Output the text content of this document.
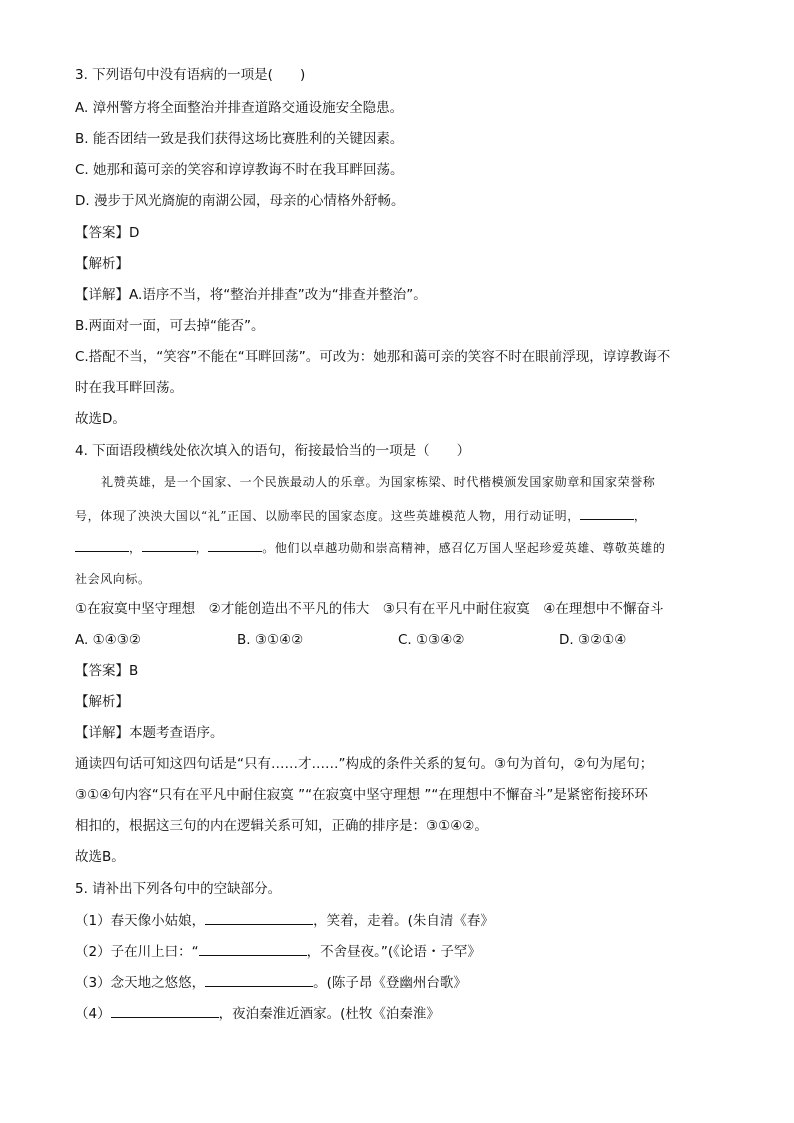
3. 下列语句中没有语病的一项是(　　)
A. 漳州警方将全面整治并排查道路交通设施安全隐患。
B. 能否团结一致是我们获得这场比赛胜利的关键因素。
C. 她那和蔼可亲的笑容和谆谆教诲不时在我耳畔回荡。
D. 漫步于风光旖旎的南湖公园，母亲的心情格外舒畅。
【答案】D
【解析】
【详解】A.语序不当，将“整治并排查”改为“排查并整治”。
B.两面对一面，可去掉“能否”。
C.搭配不当，“笑容”不能在“耳畔回荡”。可改为：她那和蔼可亲的笑容不时在眼前浮现，谆谆教诲不
时在我耳畔回荡。
故选D。
4. 下面语段横线处依次填入的语句，衔接最恰当的一项是（　　）
礼赞英雄，是一个国家、一个民族最动人的乐章。为国家栋梁、时代楷模颁发国家勋章和国家荣誉称
号，体现了泱泱大国以“礼”正国、以励率民的国家态度。这些英雄模范人物，用行动证明，	，
，	，	。他们以卓越功勋和崇高精神，感召亿万国人坚起珍爱英雄、尊敬英雄的
社会风向标。
①在寂寞中坚守理想　②才能创造出不平凡的伟大　③只有在平凡中耐住寂寞　④在理想中不懈奋斗
A. ①④③②	B. ③①④②	C. ①③④②	D. ③②①④
【答案】B
【解析】
【详解】本题考查语序。
通读四句话可知这四句话是“只有……才……”构成的条件关系的复句。③句为首句，②句为尾句；
③①④句内容“只有在平凡中耐住寂寞 ”“在寂寞中坚守理想 ”“在理想中不懈奋斗”是紧密衔接环环
相扣的，根据这三句的内在逻辑关系可知，正确的排序是：③①④②。
故选B。
5. 请补出下列各句中的空缺部分。
（1）春天像小姑娘，	，笑着，走着。(朱自清《春》
（2）子在川上曰：“	，不舍昼夜。”(《论语・子罕》
（3）念天地之悠悠，	。(陈子昂《登幽州台歌》
（4）	，夜泊秦淮近酒家。(杜牧《泊秦淮》
